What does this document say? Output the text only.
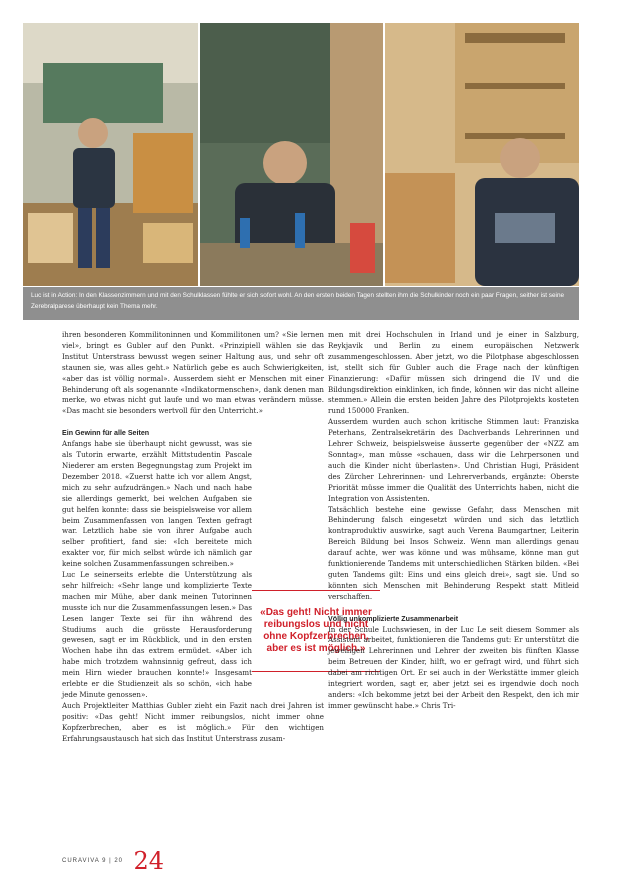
Luc ist in Action: In den Klassenzimmern und mit den Schulklassen fühlte er sich sofort wohl. An den ersten beiden Tagen stellten ihm die Schulkinder noch ein paar Fragen, seither ist seine Zerebralparese überhaupt kein Thema mehr.

ihren besonderen Kommilitoninnen und Kommilitonen um? «Sie lernen viel», bringt es Gubler auf den Punkt. «Prinzipiell wählen sie das Institut Unterstrass bewusst wegen seiner Haltung aus, und sehr oft staunen sie, was alles geht.» Natürlich gebe es auch Schwierigkeiten, «aber das ist völlig normal». Ausserdem sieht er Menschen mit einer Behinderung oft als sogenannte «Indikatormenschen», dank denen man merke, wo etwas nicht gut laufe und wo man etwas verändern müsse. «Das macht sie besonders wertvoll für den Unterricht.»

Ein Gewinn für alle Seiten

Anfangs habe sie überhaupt nicht gewusst, was sie als Tutorin erwarte, erzählt Mittstudentin Pascale Niederer am ersten Begegnungstag zum Projekt im Dezember 2018. «Zuerst hatte ich vor allem Angst, mich zu sehr aufzudrängen.» Nach und nach habe sie allerdings gemerkt, bei welchen Aufgaben sie gut helfen konnte: dass sie beispielsweise vor allem beim Zusammenfassen von langen Texten gefragt war. Letztlich habe sie von ihrer Aufgabe auch selber profitiert, fand sie: «Ich bereitete mich exakter vor, für mich selbst würde ich nämlich gar keine solchen Zusammenfassungen schreiben.»

Luc Le seinerseits erlebte die Unterstützung als sehr hilfreich: «Sehr lange und komplizierte Texte machen mir Mühe, aber dank meinen Tutorinnen musste ich nur die Zusammenfassungen lesen.» Das Lesen langer Texte sei für ihn während des Studiums auch die grösste Herausforderung gewesen, sagt er im Rückblick, und in den ersten Wochen habe ihn das extrem ermüdet. «Aber ich habe mich trotzdem wahnsinnig gefreut, dass ich mein Hirn wieder brauchen konnte!» Insgesamt erlebte er die Studienzeit als so schön, «ich habe jede Minute genossen».

Auch Projektleiter Matthias Gubler zieht ein Fazit nach drei Jahren ist positiv: «Das geht! Nicht immer reibungslos, nicht immer ohne Kopfzerbrechen, aber es ist möglich.» Für den wichtigen Erfahrungsaustausch hat sich das Institut Unterstrass zusam-

«Das geht! Nicht immer reibungslos und nicht ohne Kopfzerbrechen, aber es ist möglich.»

men mit drei Hochschulen in Irland und je einer in Salzburg, Reykjavik und Berlin zu einem europäischen Netzwerk zusammengeschlossen. Aber jetzt, wo die Pilotphase abgeschlossen ist, stellt sich für Gubler auch die Frage nach der künftigen Finanzierung: «Dafür müssen sich dringend die IV und die Bildungsdirektion einklinken, ich finde, können wir das nicht alleine stemmen.» Allein die ersten beiden Jahre des Pilotprojekts kosteten rund 150000 Franken.

Ausserdem wurden auch schon kritische Stimmen laut: Franziska Peterhans, Zentralsekretärin des Dachverbands Lehrerinnen und Lehrer Schweiz, beispielsweise äusserte gegenüber der «NZZ am Sonntag», man müsse «schauen, dass wir die Lehrpersonen und auch die Kinder nicht überlasten». Und Christian Hugi, Präsident des Zürcher Lehrerinnen- und Lehrerverbands, ergänzte: Oberste Priorität müsse immer die Qualität des Unterrichts haben, nicht die Integration von Assistenten.

Tatsächlich bestehe eine gewisse Gefahr, dass Menschen mit Behinderung falsch eingesetzt würden und sich das letztlich kontraproduktiv auswirke, sagt auch Verena Baumgartner, Leiterin Bereich Bildung bei Insos Schweiz. Wenn man allerdings genau darauf achte, wer was könne und was mühsame, könne man gut funktionierende Tandems mit unterschiedlichen Stärken bilden. «Bei guten Tandems gilt: Eins und eins gleich drei», sagt sie. Und so könnten sich Menschen mit Behinderung Respekt statt Mitleid verschaffen.

Völlig unkomplizierte Zusammenarbeit

In der Schule Luchswiesen, in der Luc Le seit diesem Sommer als Assistent arbeitet, funktionieren die Tandems gut: Er unterstützt die jeweiligen Lehrerinnen und Lehrer der zweiten bis fünften Klasse beim Betreuen der Kinder, hilft, wo er gefragt wird, und führt sich dabei am richtigen Ort. Er sei auch in der Werkstätte immer gleich integriert worden, sagt er, aber jetzt sei es irgendwie doch noch anders: «Ich bekomme jetzt bei der Arbeit den Respekt, den ich mir immer gewünscht habe.» Chris Tri-

CURAVIVA 9 | 20 24
